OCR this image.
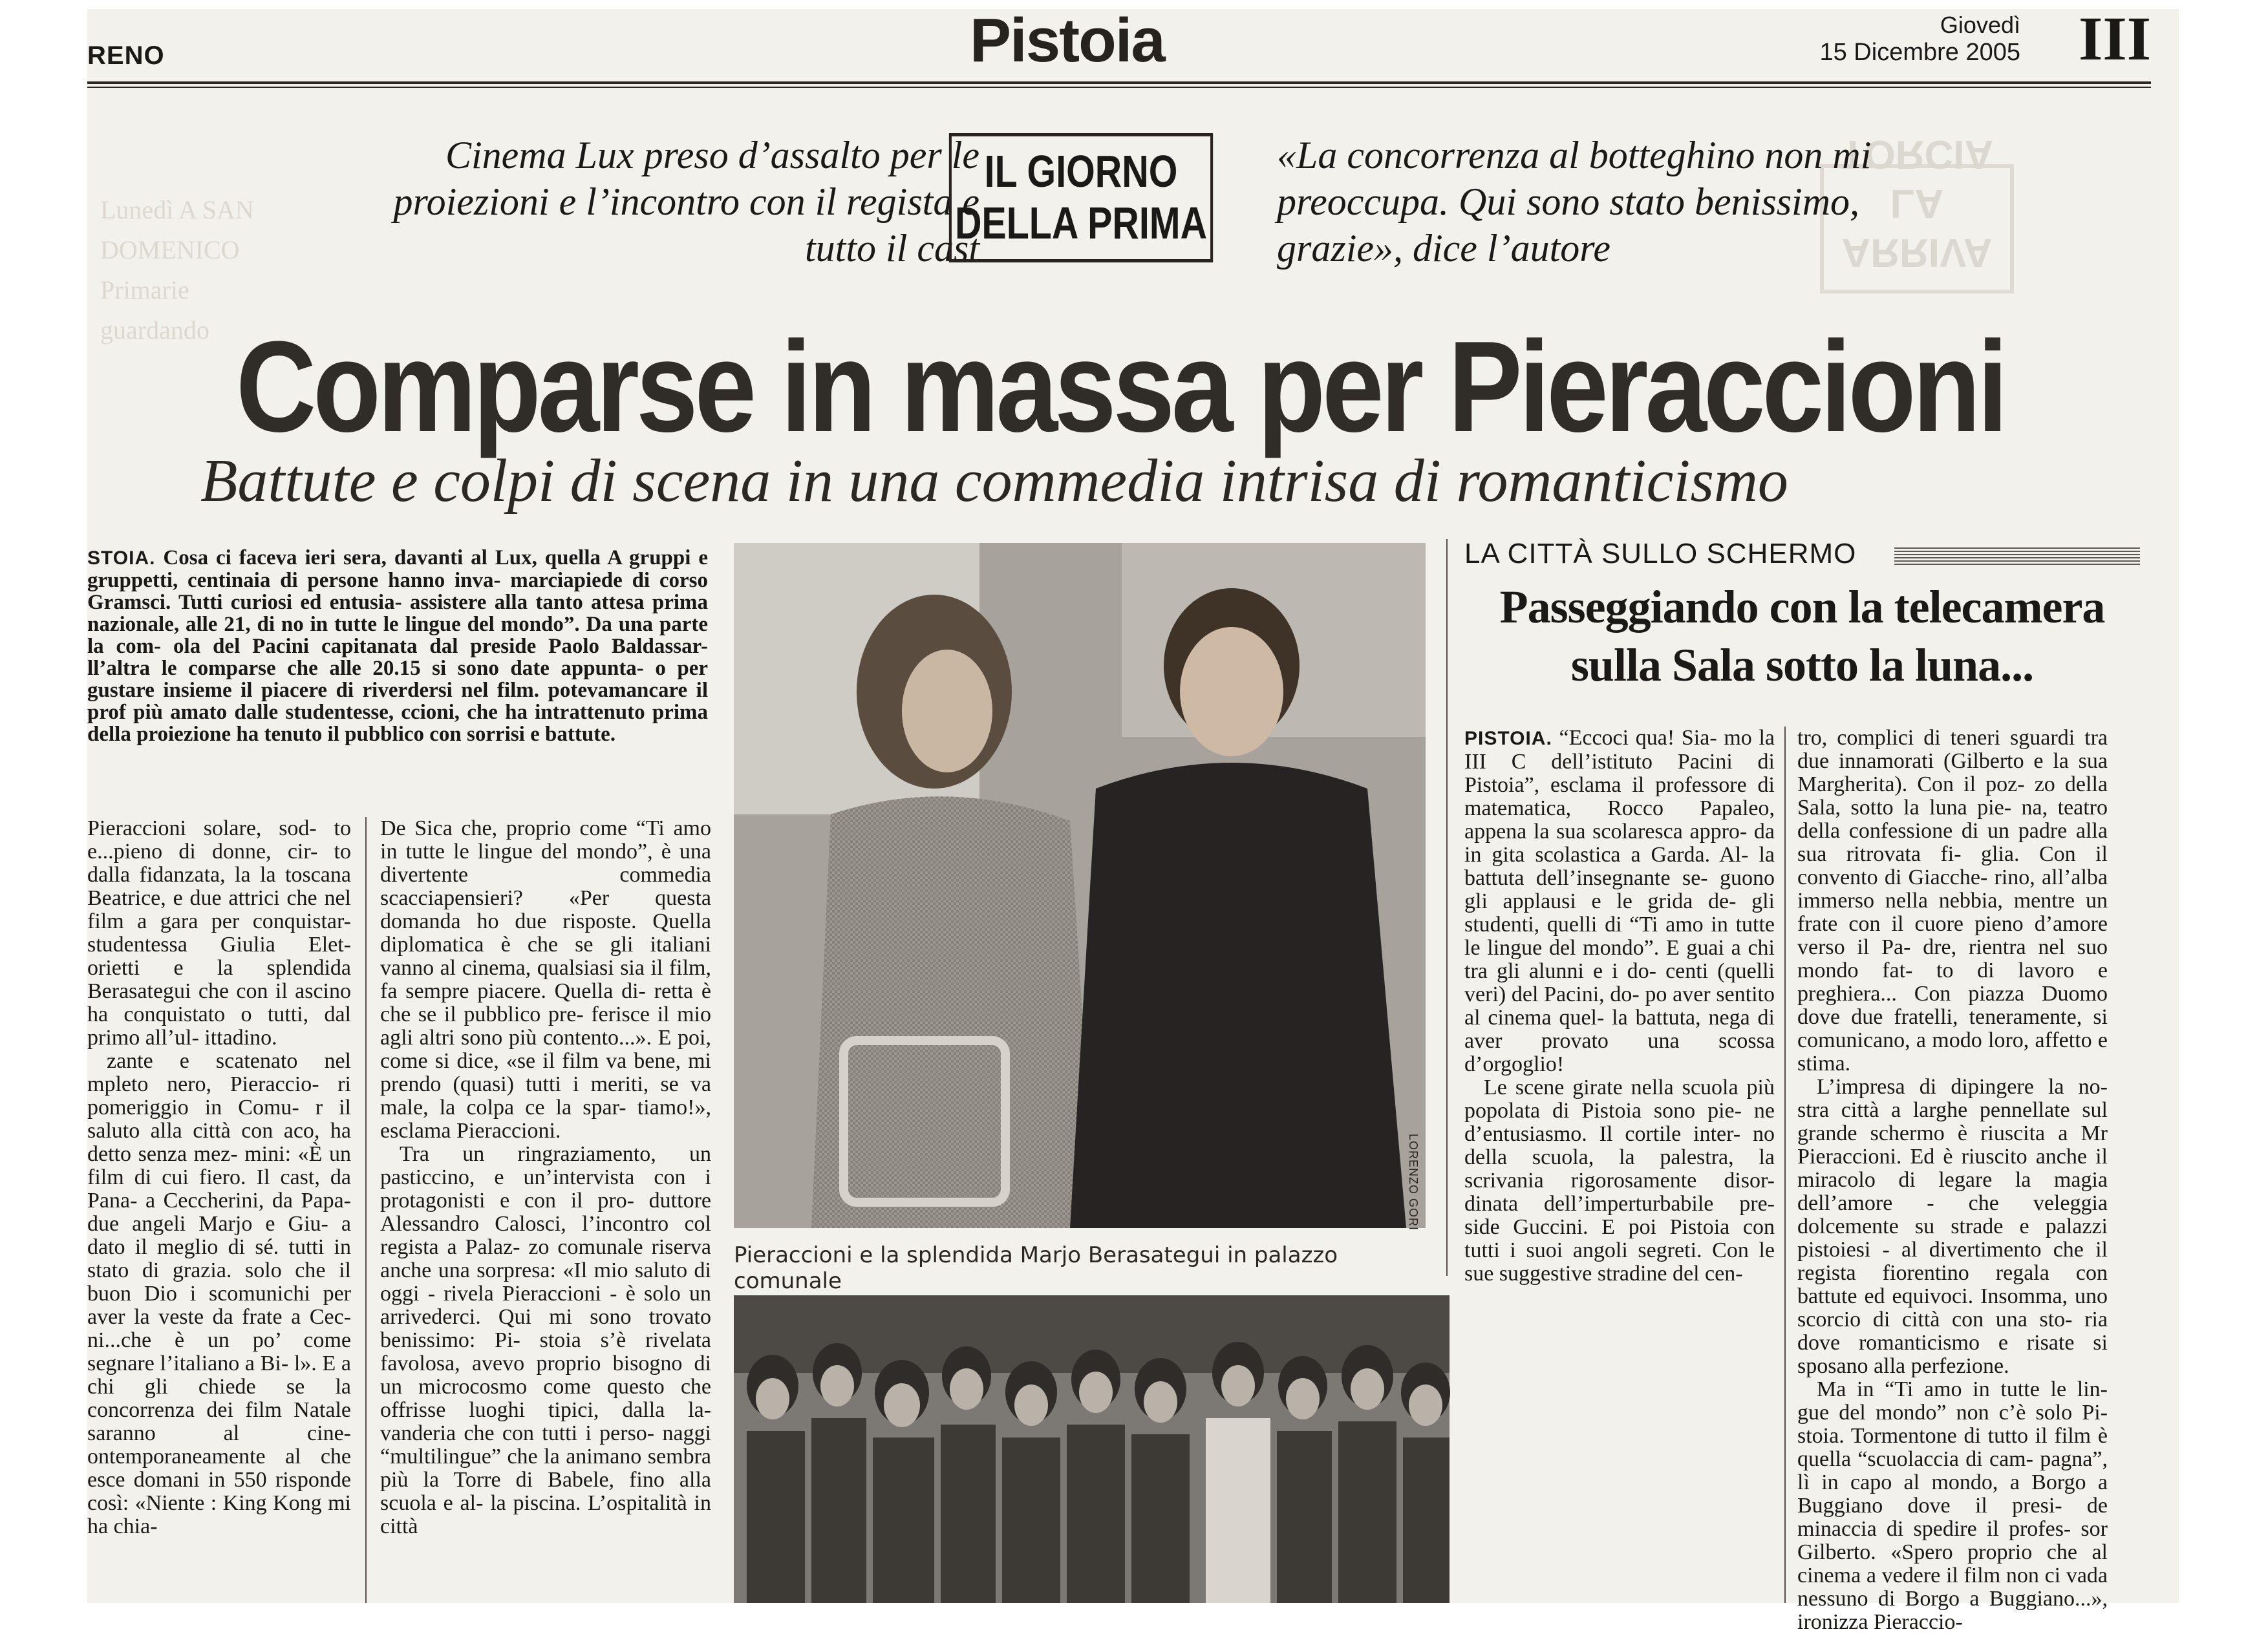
Lunedì A SAN DOMENICO Primarie guardando
ARRIVA LA TORCIA
RENO	Pistoia	Giovedì
15 Dicembre 2005 III
Cinema Lux preso d’assalto per le proiezioni e l’incontro con il regista e tutto il cast
IL GIORNO DELLA PRIMA
«La concorrenza al botteghino non mi preoccupa. Qui sono stato benissimo, grazie», dice l’autore
Comparse in massa per Pieraccioni
Battute e colpi di scena in una commedia intrisa di romanticismo
STOIA. Cosa ci faceva ieri sera, davanti al Lux, quella A gruppi e gruppetti, centinaia di persone hanno inva- marciapiede di corso Gramsci. Tutti curiosi ed entusia- assistere alla tanto attesa prima nazionale, alle 21, di no in tutte le lingue del mondo”. Da una parte la com- ola del Pacini capitanata dal preside Paolo Baldassar- ll’altra le comparse che alle 20.15 si sono date appunta- o per gustare insieme il piacere di riverdersi nel film. potevamancare il prof più amato dalle studentesse, ccioni, che ha intrattenuto prima della proiezione ha tenuto il pubblico con sorrisi e battute.

Pieraccioni solare, sod- to e...pieno di donne, cir- to dalla fidanzata, la la toscana Beatrice, e due attrici che nel film a gara per conquistar- studentessa Giulia Elet- orietti e la splendida Berasategui che con il ascino ha conquistato o tutti, dal primo all’ul- ittadino.

zante e scatenato nel mpleto nero, Pieraccio- ri pomeriggio in Comu- r il saluto alla città con aco, ha detto senza mez- mini: «È un film di cui fiero. Il cast, da Pana- a Ceccherini, da Papa- due angeli Marjo e Giu- a dato il meglio di sé. tutti in stato di grazia. solo che il buon Dio i scomunichi per aver la veste da frate a Cec- ni...che è un po’ come segnare l’italiano a Bi- l». E a chi gli chiede se la concorrenza dei film Natale saranno al cine- ontemporaneamente al che esce domani in 550 risponde così: «Niente : King Kong mi ha chia-

De Sica che, proprio come “Ti amo in tutte le lingue del mondo”, è una divertente commedia scacciapensieri? «Per questa domanda ho due risposte. Quella diplomatica è che se gli italiani vanno al cinema, qualsiasi sia il film, fa sempre piacere. Quella di- retta è che se il pubblico pre- ferisce il mio agli altri sono più contento...». E poi, come si dice, «se il film va bene, mi prendo (quasi) tutti i meriti, se va male, la colpa ce la spar- tiamo!», esclama Pieraccioni.

Tra un ringraziamento, un pasticcino, e un’intervista con i protagonisti e con il pro- duttore Alessandro Calosci, l’incontro col regista a Palaz- zo comunale riserva anche una sorpresa: «Il mio saluto di oggi - rivela Pieraccioni - è solo un arrivederci. Qui mi sono trovato benissimo: Pi- stoia s’è rivelata favolosa, avevo proprio bisogno di un microcosmo come questo che offrisse luoghi tipici, dalla la- vanderia che con tutti i perso- naggi “multilingue” che la animano sembra più la Torre di Babele, fino alla scuola e al- la piscina. L’ospitalità in città

LORENZO GORI
Pieraccioni e la splendida Marjo Berasategui in palazzo comunale
LA CITTÀ SULLO SCHERMO
Passeggiando con la telecamera sulla Sala sotto la luna...

PISTOIA. “Eccoci qua! Sia- mo la III C dell’istituto Pacini di Pistoia”, esclama il professore di matematica, Rocco Papaleo, appena la sua scolaresca appro- da in gita scolastica a Garda. Al- la battuta dell’insegnante se- guono gli applausi e le grida de- gli studenti, quelli di “Ti amo in tutte le lingue del mondo”. E guai a chi tra gli alunni e i do- centi (quelli veri) del Pacini, do- po aver sentito al cinema quel- la battuta, nega di aver provato una scossa d’orgoglio!

Le scene girate nella scuola più popolata di Pistoia sono pie- ne d’entusiasmo. Il cortile inter- no della scuola, la palestra, la scrivania rigorosamente disor- dinata dell’imperturbabile pre- side Guccini. E poi Pistoia con tutti i suoi angoli segreti. Con le sue suggestive stradine del cen-

tro, complici di teneri sguardi tra due innamorati (Gilberto e la sua Margherita). Con il poz- zo della Sala, sotto la luna pie- na, teatro della confessione di un padre alla sua ritrovata fi- glia. Con il convento di Giacche- rino, all’alba immerso nella nebbia, mentre un frate con il cuore pieno d’amore verso il Pa- dre, rientra nel suo mondo fat- to di lavoro e preghiera... Con piazza Duomo dove due fratelli, teneramente, si comunicano, a modo loro, affetto e stima.

L’impresa di dipingere la no- stra città a larghe pennellate sul grande schermo è riuscita a Mr Pieraccioni. Ed è riuscito anche il miracolo di legare la magia dell’amore - che veleggia dolcemente su strade e palazzi pistoiesi - al divertimento che il regista fiorentino regala con battute ed equivoci. Insomma, uno scorcio di città con una sto- ria dove romanticismo e risate si sposano alla perfezione.

Ma in “Ti amo in tutte le lin- gue del mondo” non c’è solo Pi- stoia. Tormentone di tutto il film è quella “scuolaccia di cam- pagna”, lì in capo al mondo, a Borgo a Buggiano dove il presi- de minaccia di spedire il profes- sor Gilberto. «Spero proprio che al cinema a vedere il film non ci vada nessuno di Borgo a Buggiano...», ironizza Pieraccio-
